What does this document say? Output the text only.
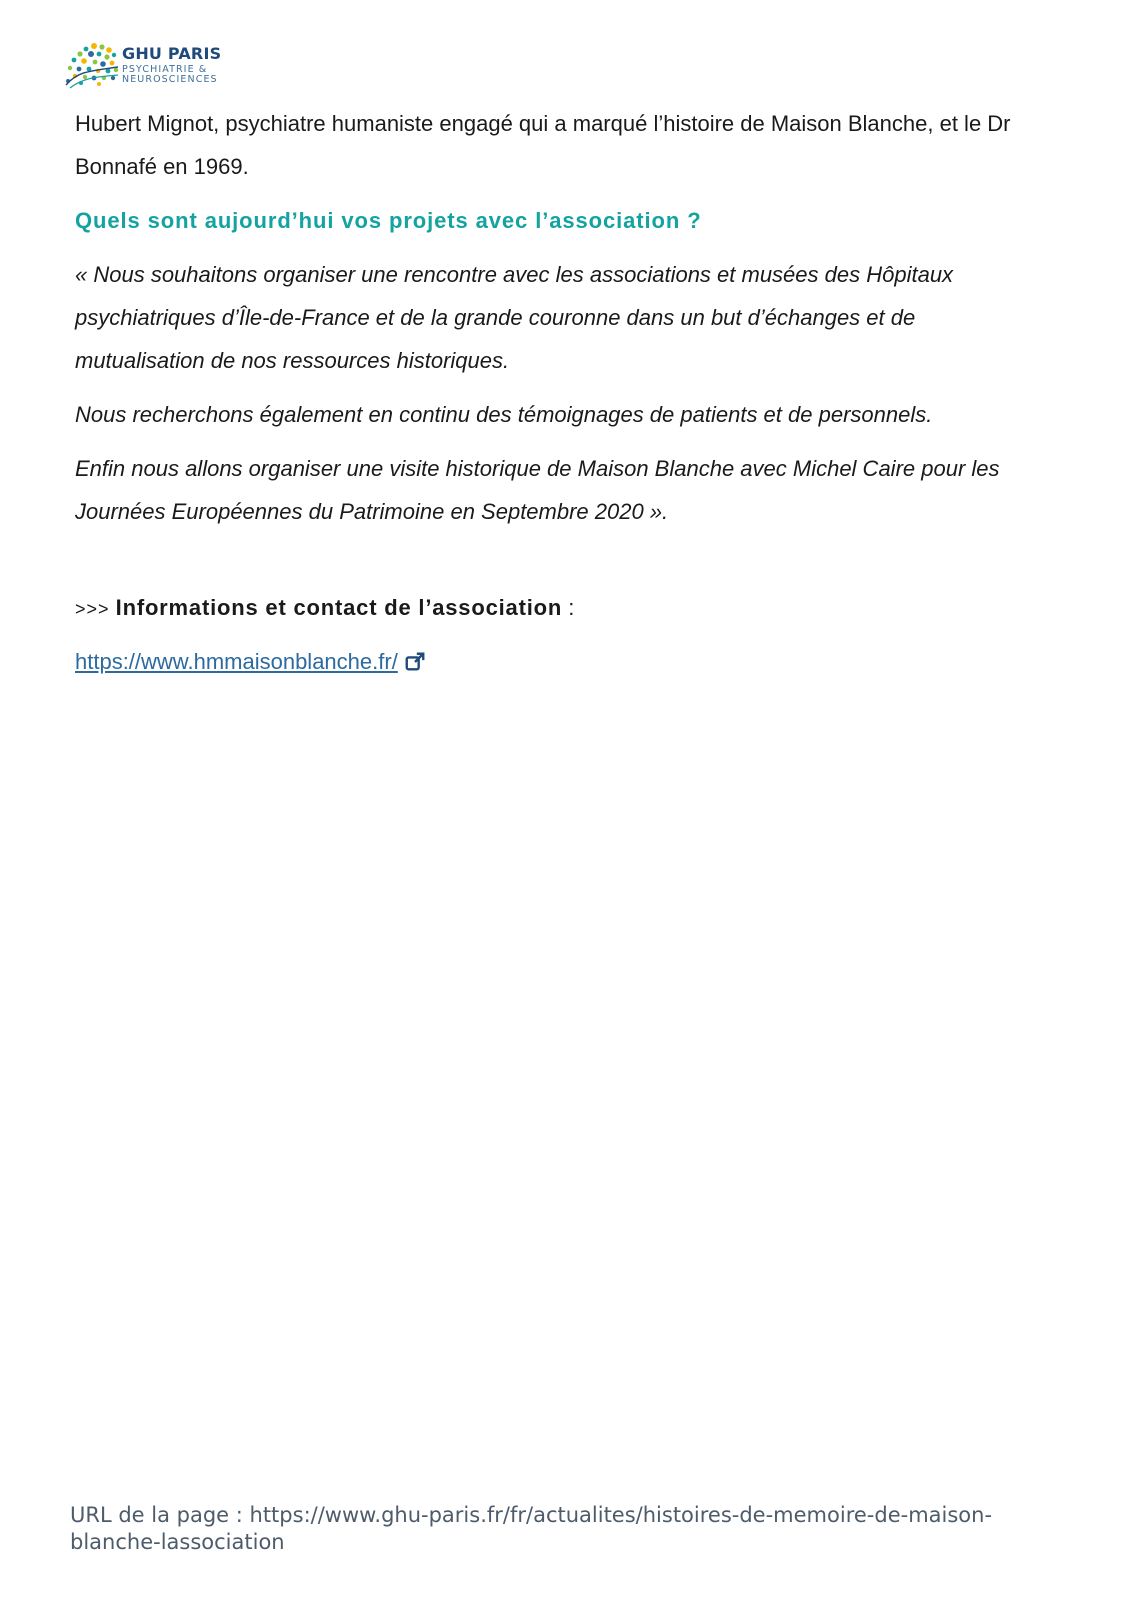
GHU PARIS
PSYCHIATRIE &
NEUROSCIENCES

Hubert Mignot, psychiatre humaniste engagé qui a marqué l’histoire de Maison Blanche, et le Dr Bonnafé en 1969.

Quels sont aujourd’hui vos projets avec l’association ?

« Nous souhaitons organiser une rencontre avec les associations et musées des Hôpitaux psychiatriques d’Île-de-France et de la grande couronne dans un but d’échanges et de mutualisation de nos ressources historiques.

Nous recherchons également en continu des témoignages de patients et de personnels.

Enfin nous allons organiser une visite historique de Maison Blanche avec Michel Caire pour les Journées Européennes du Patrimoine en Septembre 2020 ».

>>> Informations et contact de l’association :
https://www.hmmaisonblanche.fr/
URL de la page : https://www.ghu-paris.fr/fr/actualites/histoires-de-memoire-de-maison-blanche-lassociation
